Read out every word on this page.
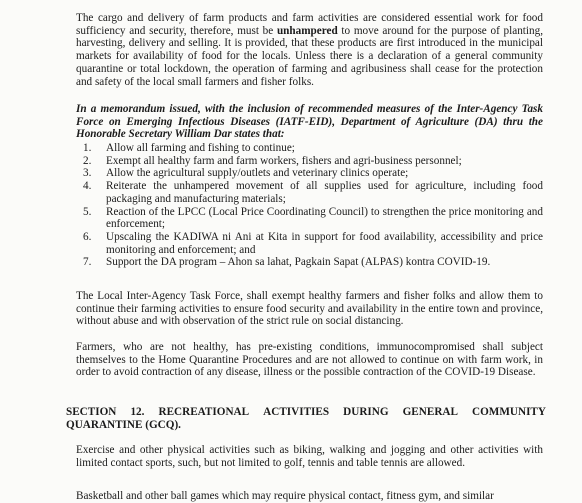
The cargo and delivery of farm products and farm activities are considered essential work for food sufficiency and security, therefore, must be unhampered to move around for the purpose of planting, harvesting, delivery and selling. It is provided, that these products are first introduced in the municipal markets for availability of food for the locals. Unless there is a declaration of a general community quarantine or total lockdown, the operation of farming and agribusiness shall cease for the protection and safety of the local small farmers and fisher folks.

In a memorandum issued, with the inclusion of recommended measures of the Inter-Agency Task Force on Emerging Infectious Diseases (IATF-EID), Department of Agriculture (DA) thru the Honorable Secretary William Dar states that:

1.	Allow all farming and fishing to continue;
2.	Exempt all healthy farm and farm workers, fishers and agri-business personnel;
3.	Allow the agricultural supply/outlets and veterinary clinics operate;
4.	Reiterate the unhampered movement of all supplies used for agriculture, including food packaging and manufacturing materials;
5.	Reaction of the LPCC (Local Price Coordinating Council) to strengthen the price monitoring and enforcement;
6.	Upscaling the KADIWA ni Ani at Kita in support for food availability, accessibility and price monitoring and enforcement; and
7.	Support the DA program – Ahon sa lahat, Pagkain Sapat (ALPAS) kontra COVID-19.

The Local Inter-Agency Task Force, shall exempt healthy farmers and fisher folks and allow them to continue their farming activities to ensure food security and availability in the entire town and province, without abuse and with observation of the strict rule on social distancing.

Farmers, who are not healthy, has pre-existing conditions, immunocompromised shall subject themselves to the Home Quarantine Procedures and are not allowed to continue on with farm work, in order to avoid contraction of any disease, illness or the possible contraction of the COVID-19 Disease.

SECTION 12. RECREATIONAL ACTIVITIES DURING GENERAL COMMUNITY
QUARANTINE (GCQ).

Exercise and other physical activities such as biking, walking and jogging and other activities with limited contact sports, such, but not limited to golf, tennis and table tennis are allowed.

Basketball and other ball games which may require physical contact, fitness gym, and similar
